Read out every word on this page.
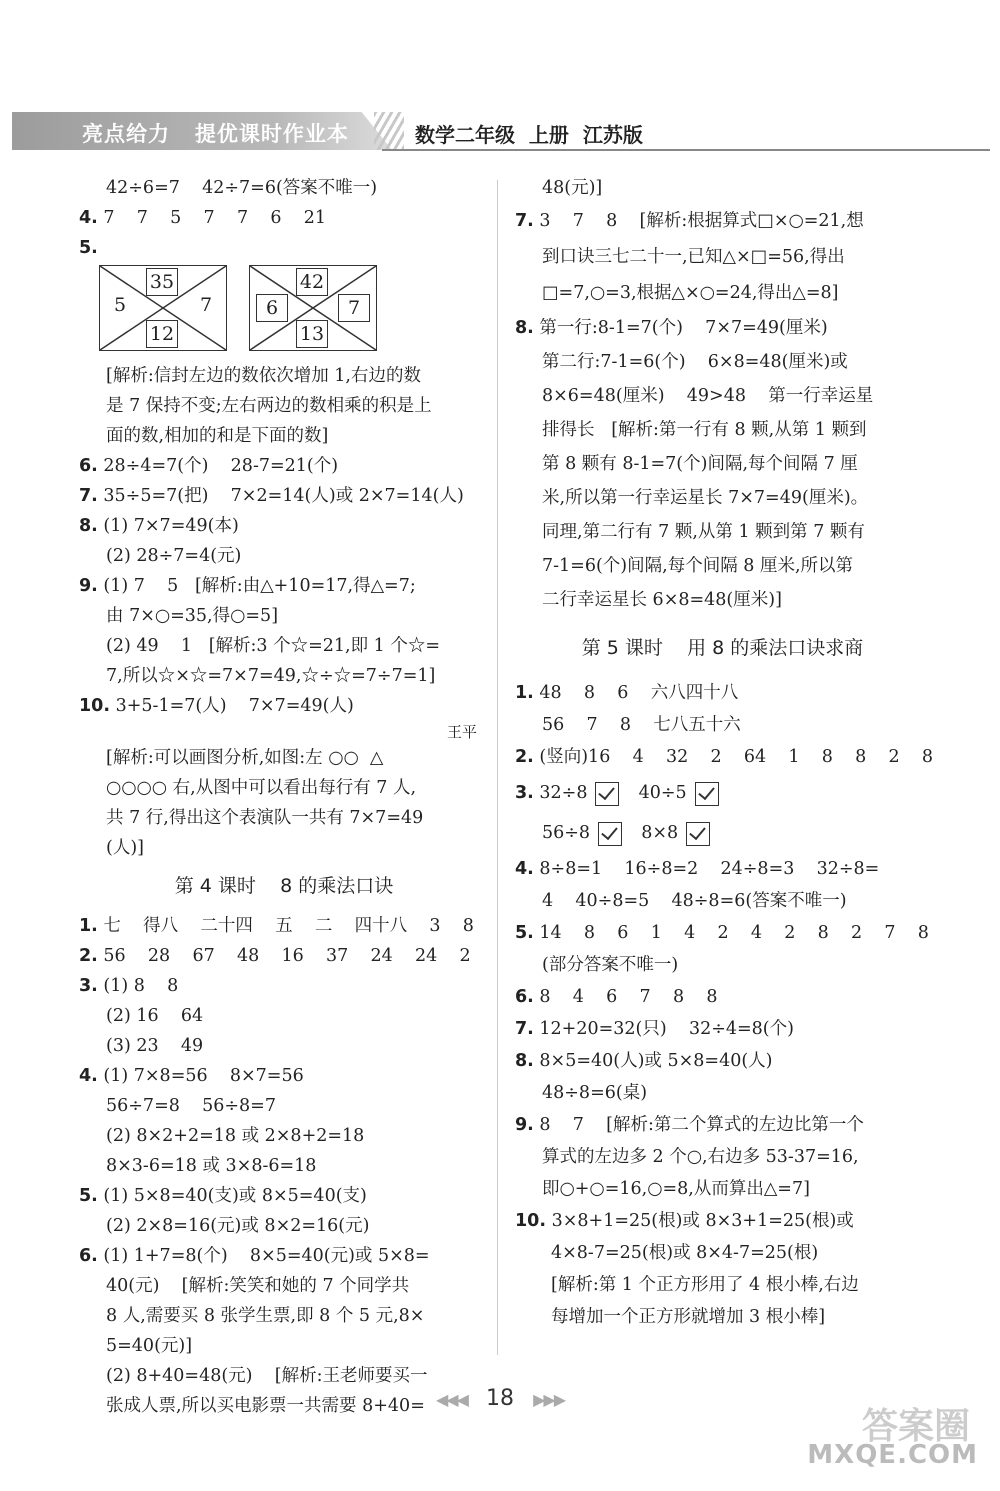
亮点给力   提优课时作业本	数学二年级  上册  江苏版
42÷6=7    42÷7=6(答案不唯一)
4. 7    7    5    7    7    6    21
5.
35
12
5	7
42
13
6	7
[解析:信封左边的数依次增加 1,右边的数
是 7 保持不变;左右两边的数相乘的积是上
面的数,相加的和是下面的数]
6. 28÷4=7(个)    28-7=21(个)
7. 35÷5=7(把)    7×2=14(人)或 2×7=14(人)
8. (1) 7×7=49(本)
(2) 28÷7=4(元)
9. (1) 7    5   [解析:由△+10=17,得△=7;
由 7×○=35,得○=5]
(2) 49    1   [解析:3 个☆=21,即 1 个☆=
7,所以☆×☆=7×7=49,☆÷☆=7÷7=1]
10. 3+5-1=7(人)    7×7=49(人)
王平
[解析:可以画图分析,如图:左 ○○  △
○○○○ 右,从图中可以看出每行有 7 人,
共 7 行,得出这个表演队一共有 7×7=49
(人)]
第 4 课时    8 的乘法口诀
1. 七    得八    二十四    五    二    四十八    3    8
2. 56    28    67    48    16    37    24    24    2
3. (1) 8    8
(2) 16    64
(3) 23    49
4. (1) 7×8=56    8×7=56
56÷7=8    56÷8=7
(2) 8×2+2=18 或 2×8+2=18
8×3-6=18 或 3×8-6=18
5. (1) 5×8=40(支)或 8×5=40(支)
(2) 2×8=16(元)或 8×2=16(元)
6. (1) 1+7=8(个)    8×5=40(元)或 5×8=
40(元)    [解析:笑笑和她的 7 个同学共
8 人,需要买 8 张学生票,即 8 个 5 元,8×
5=40(元)]
(2) 8+40=48(元)    [解析:王老师要买一
张成人票,所以买电影票一共需要 8+40=
48(元)]
7. 3    7    8    [解析:根据算式□×○=21,想
到口诀三七二十一,已知△×□=56,得出
□=7,○=3,根据△×○=24,得出△=8]
8. 第一行:8-1=7(个)    7×7=49(厘米)
第二行:7-1=6(个)    6×8=48(厘米)或
8×6=48(厘米)    49>48    第一行幸运星
排得长   [解析:第一行有 8 颗,从第 1 颗到
第 8 颗有 8-1=7(个)间隔,每个间隔 7 厘
米,所以第一行幸运星长 7×7=49(厘米)。
同理,第二行有 7 颗,从第 1 颗到第 7 颗有
7-1=6(个)间隔,每个间隔 8 厘米,所以第
二行幸运星长 6×8=48(厘米)]
第 5 课时    用 8 的乘法口诀求商
1. 48    8    6    六八四十八
56    7    8    七八五十六
2. (竖向)16    4    32    2    64    1    8    8    2    8
3. 32÷8	40÷5
56÷8	8×8
4. 8÷8=1    16÷8=2    24÷8=3    32÷8=
4    40÷8=5    48÷8=6(答案不唯一)
5. 14    8    6    1    4    2    4    2    8    2    7    8
(部分答案不唯一)
6. 8    4    6    7    8    8
7. 12+20=32(只)    32÷4=8(个)
8. 8×5=40(人)或 5×8=40(人)
48÷8=6(桌)
9. 8    7    [解析:第二个算式的左边比第一个
算式的左边多 2 个○,右边多 53-37=16,
即○+○=16,○=8,从而算出△=7]
10. 3×8+1=25(根)或 8×3+1=25(根)或
4×8-7=25(根)或 8×4-7=25(根)
[解析:第 1 个正方形用了 4 根小棒,右边
每增加一个正方形就增加 3 根小棒]
◀◀◀ 18 ▶▶▶
答案圈
MXQE.COM
